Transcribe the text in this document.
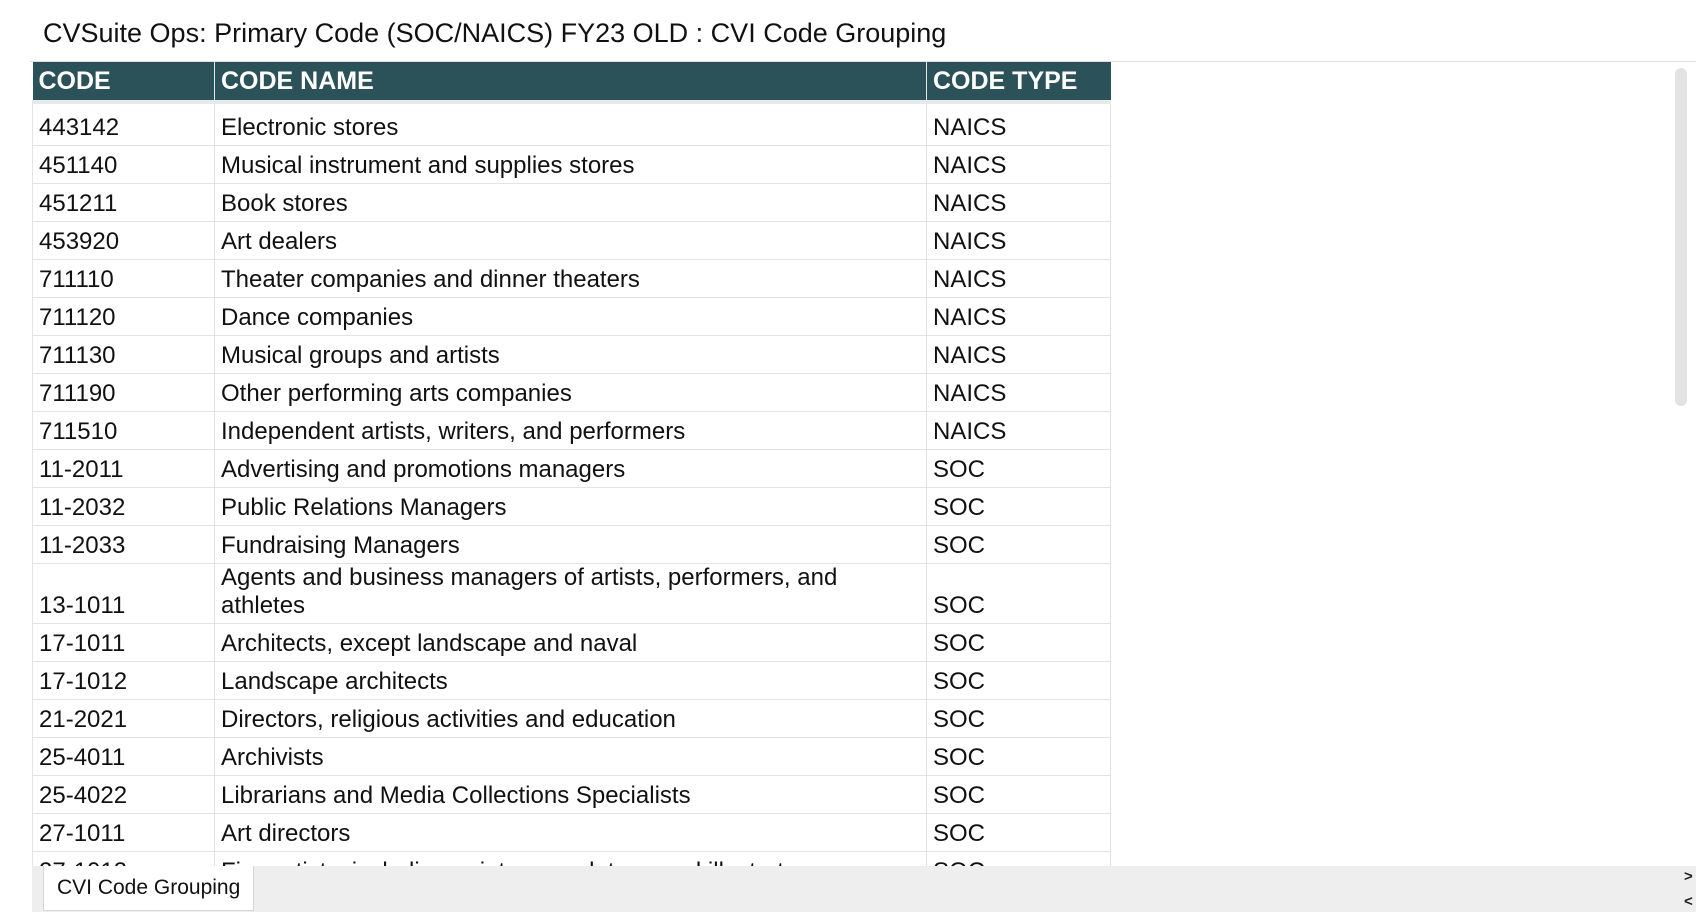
CVSuite Ops: Primary Code (SOC/NAICS) FY23 OLD : CVI Code Grouping
CODE	CODE NAME	CODE TYPE
443142	Electronic stores	NAICS
451140	Musical instrument and supplies stores	NAICS
451211	Book stores	NAICS
453920	Art dealers	NAICS
711110	Theater companies and dinner theaters	NAICS
711120	Dance companies	NAICS
711130	Musical groups and artists	NAICS
711190	Other performing arts companies	NAICS
711510	Independent artists, writers, and performers	NAICS
11-2011	Advertising and promotions managers	SOC
11-2032	Public Relations Managers	SOC
11-2033	Fundraising Managers	SOC
13-1011	Agents and business managers of artists, performers, and athletes	SOC
17-1011	Architects, except landscape and naval	SOC
17-1012	Landscape architects	SOC
21-2021	Directors, religious activities and education	SOC
25-4011	Archivists	SOC
25-4022	Librarians and Media Collections Specialists	SOC
27-1011	Art directors	SOC

CVI Code Grouping	>
<
